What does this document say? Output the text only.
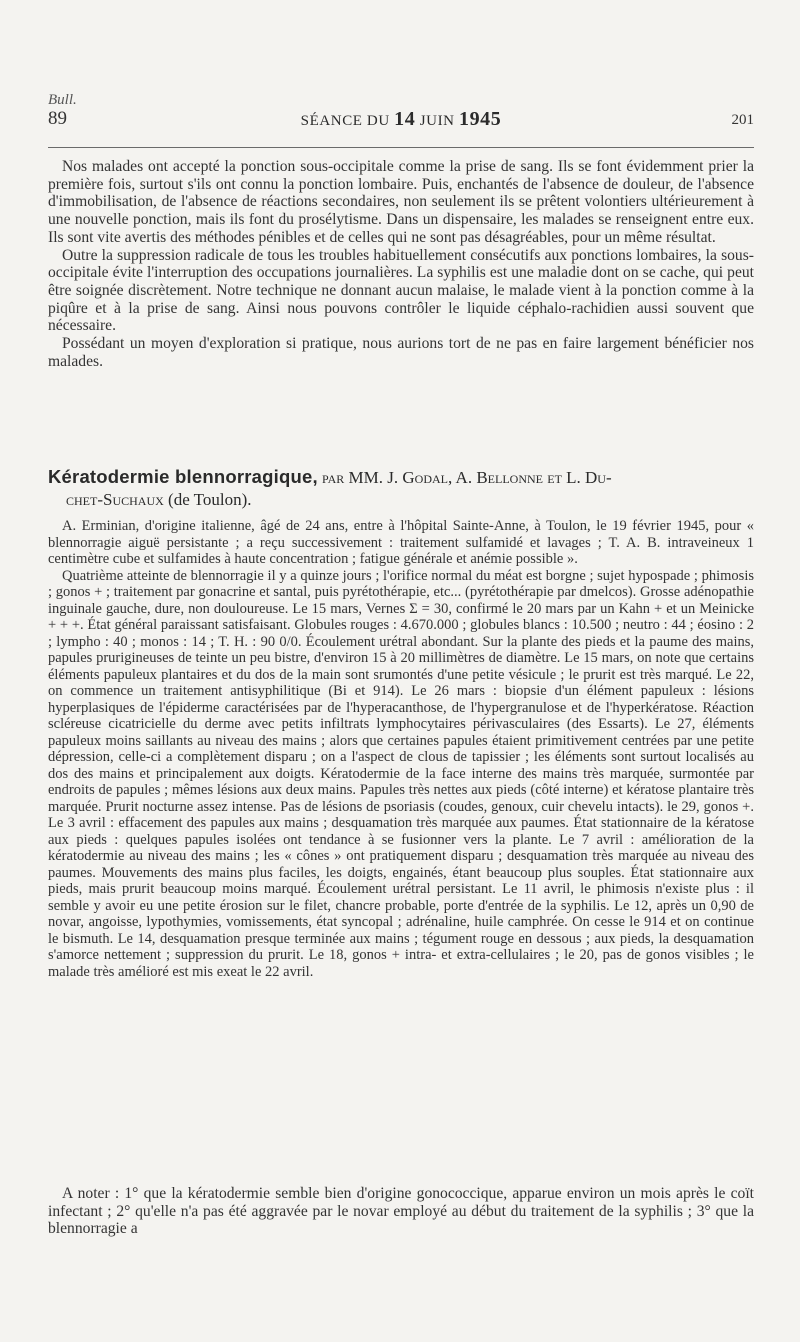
Bull.
89	SÉANCE DU 14 JUIN 1945	201

Nos malades ont accepté la ponction sous-occipitale comme la prise de sang. Ils se font évidemment prier la première fois, surtout s'ils ont connu la ponction lombaire. Puis, enchantés de l'absence de douleur, de l'absence d'immobilisation, de l'absence de réactions secondaires, non seulement ils se prêtent volontiers ultérieurement à une nouvelle ponction, mais ils font du prosélytisme. Dans un dispensaire, les malades se renseignent entre eux. Ils sont vite avertis des méthodes pénibles et de celles qui ne sont pas désagréables, pour un même résultat.

Outre la suppression radicale de tous les troubles habituellement consécutifs aux ponctions lombaires, la sous-occipitale évite l'interruption des occupations journalières. La syphilis est une maladie dont on se cache, qui peut être soignée discrètement. Notre technique ne donnant aucun malaise, le malade vient à la ponction comme à la piqûre et à la prise de sang. Ainsi nous pouvons contrôler le liquide céphalo-rachidien aussi souvent que nécessaire.

Possédant un moyen d'exploration si pratique, nous aurions tort de ne pas en faire largement bénéficier nos malades.

Kératodermie blennorragique, par MM. J. Godal, A. Bellonne et L. Du-
chet-Suchaux (de Toulon).

A. Erminian, d'origine italienne, âgé de 24 ans, entre à l'hôpital Sainte-Anne, à Toulon, le 19 février 1945, pour « blennorragie aiguë persistante ; a reçu successivement : traitement sulfamidé et lavages ; T. A. B. intraveineux 1 centimètre cube et sulfamides à haute concentration ; fatigue générale et anémie possible ».

Quatrième atteinte de blennorragie il y a quinze jours ; l'orifice normal du méat est borgne ; sujet hypospade ; phimosis ; gonos + ; traitement par gonacrine et santal, puis pyrétothérapie, etc... (pyrétothérapie par dmelcos). Grosse adénopathie inguinale gauche, dure, non douloureuse. Le 15 mars, Vernes Σ = 30, confirmé le 20 mars par un Kahn + et un Meinicke + + +. État général paraissant satisfaisant. Globules rouges : 4.670.000 ; globules blancs : 10.500 ; neutro : 44 ; éosino : 2 ; lympho : 40 ; monos : 14 ; T. H. : 90 0/0. Écoulement urétral abondant. Sur la plante des pieds et la paume des mains, papules prurigineuses de teinte un peu bistre, d'environ 15 à 20 millimètres de diamètre. Le 15 mars, on note que certains éléments papuleux plantaires et du dos de la main sont srumontés d'une petite vésicule ; le prurit est très marqué. Le 22, on commence un traitement antisyphilitique (Bi et 914). Le 26 mars : biopsie d'un élément papuleux : lésions hyperplasiques de l'épiderme caractérisées par de l'hyperacanthose, de l'hypergranulose et de l'hyperkératose. Réaction scléreuse cicatricielle du derme avec petits infiltrats lymphocytaires périvasculaires (des Essarts). Le 27, éléments papuleux moins saillants au niveau des mains ; alors que certaines papules étaient primitivement centrées par une petite dépression, celle-ci a complètement disparu ; on a l'aspect de clous de tapissier ; les éléments sont surtout localisés au dos des mains et principalement aux doigts. Kératodermie de la face interne des mains très marquée, surmontée par endroits de papules ; mêmes lésions aux deux mains. Papules très nettes aux pieds (côté interne) et kératose plantaire très marquée. Prurit nocturne assez intense. Pas de lésions de psoriasis (coudes, genoux, cuir chevelu intacts). le 29, gonos +. Le 3 avril : effacement des papules aux mains ; desquamation très marquée aux paumes. État stationnaire de la kératose aux pieds : quelques papules isolées ont tendance à se fusionner vers la plante. Le 7 avril : amélioration de la kératodermie au niveau des mains ; les « cônes » ont pratiquement disparu ; desquamation très marquée au niveau des paumes. Mouvements des mains plus faciles, les doigts, engainés, étant beaucoup plus souples. État stationnaire aux pieds, mais prurit beaucoup moins marqué. Écoulement urétral persistant. Le 11 avril, le phimosis n'existe plus : il semble y avoir eu une petite érosion sur le filet, chancre probable, porte d'entrée de la syphilis. Le 12, après un 0,90 de novar, angoisse, lypothymies, vomissements, état syncopal ; adrénaline, huile camphrée. On cesse le 914 et on continue le bismuth. Le 14, desquamation presque terminée aux mains ; tégument rouge en dessous ; aux pieds, la desquamation s'amorce nettement ; suppression du prurit. Le 18, gonos + intra- et extra-cellulaires ; le 20, pas de gonos visibles ; le malade très amélioré est mis exeat le 22 avril.

A noter : 1° que la kératodermie semble bien d'origine gonococcique, apparue environ un mois après le coït infectant ; 2° qu'elle n'a pas été aggravée par le novar employé au début du traitement de la syphilis ; 3° que la blennorragie a
